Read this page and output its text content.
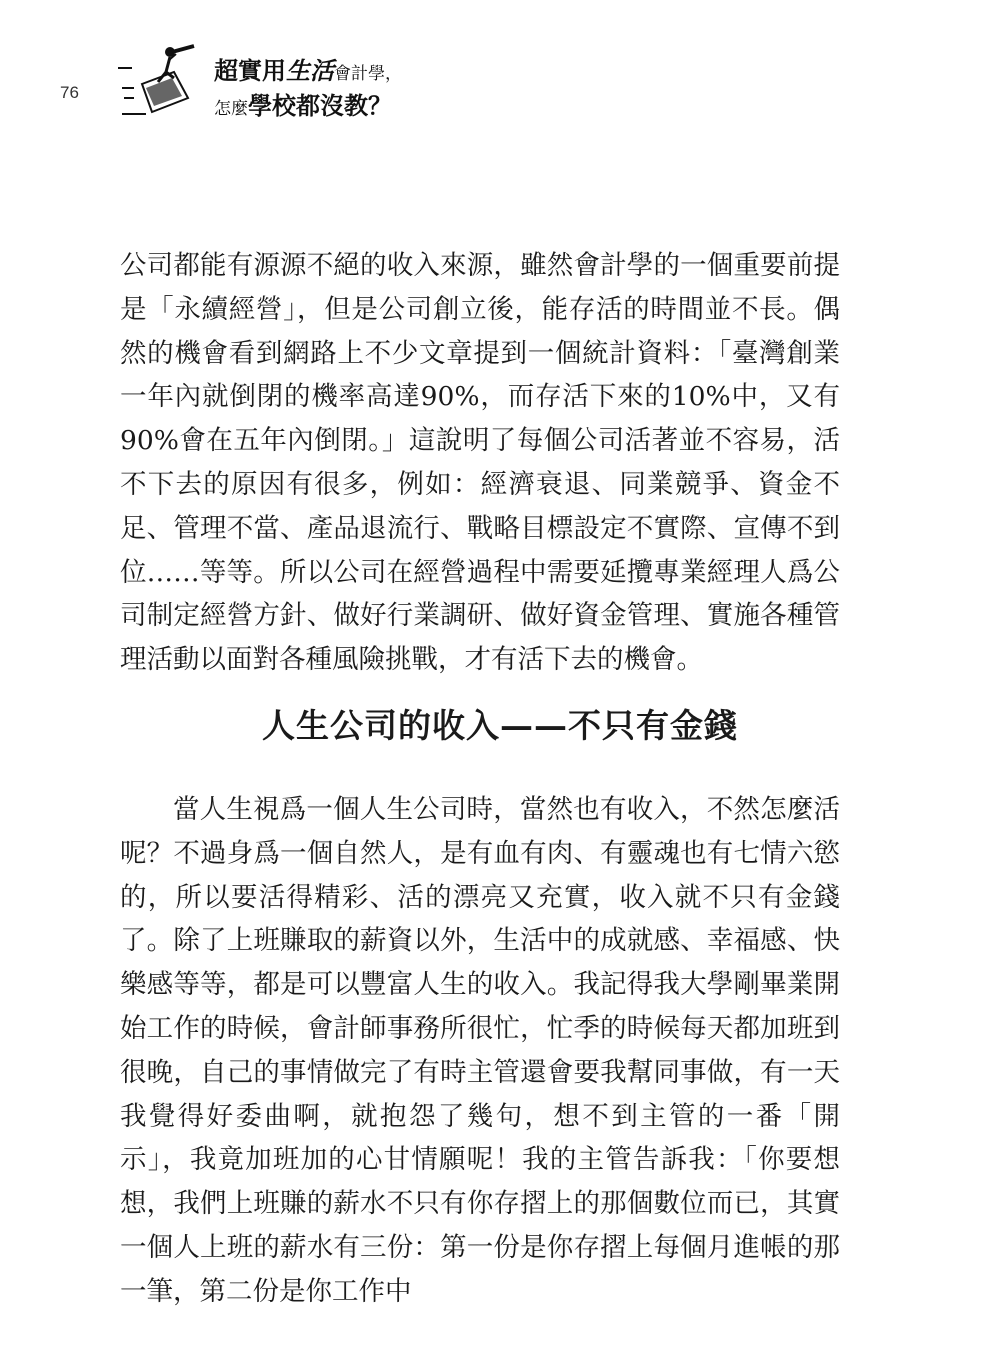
76
超實用生活會計學，
怎麼學校都沒教？

公司都能有源源不絕的收入來源，雖然會計學的一個重要前提是「永續經營」，但是公司創立後，能存活的時間並不長。偶然的機會看到網路上不少文章提到一個統計資料：「臺灣創業一年內就倒閉的機率高達90%，而存活下來的10%中，又有90%會在五年內倒閉。」這說明了每個公司活著並不容易，活不下去的原因有很多，例如：經濟衰退、同業競爭、資金不足、管理不當、產品退流行、戰略目標設定不實際、宣傳不到位……等等。所以公司在經營過程中需要延攬專業經理人爲公司制定經營方針、做好行業調研、做好資金管理、實施各種管理活動以面對各種風險挑戰，才有活下去的機會。

人生公司的收入——不只有金錢

當人生視爲一個人生公司時，當然也有收入，不然怎麼活呢？不過身爲一個自然人，是有血有肉、有靈魂也有七情六慾的，所以要活得精彩、活的漂亮又充實，收入就不只有金錢了。除了上班賺取的薪資以外，生活中的成就感、幸福感、快樂感等等，都是可以豐富人生的收入。我記得我大學剛畢業開始工作的時候，會計師事務所很忙，忙季的時候每天都加班到很晚，自己的事情做完了有時主管還會要我幫同事做，有一天我覺得好委曲啊，就抱怨了幾句，想不到主管的一番「開示」，我竟加班加的心甘情願呢！我的主管告訴我：「你要想想，我們上班賺的薪水不只有你存摺上的那個數位而已，其實一個人上班的薪水有三份：第一份是你存摺上每個月進帳的那一筆，第二份是你工作中
